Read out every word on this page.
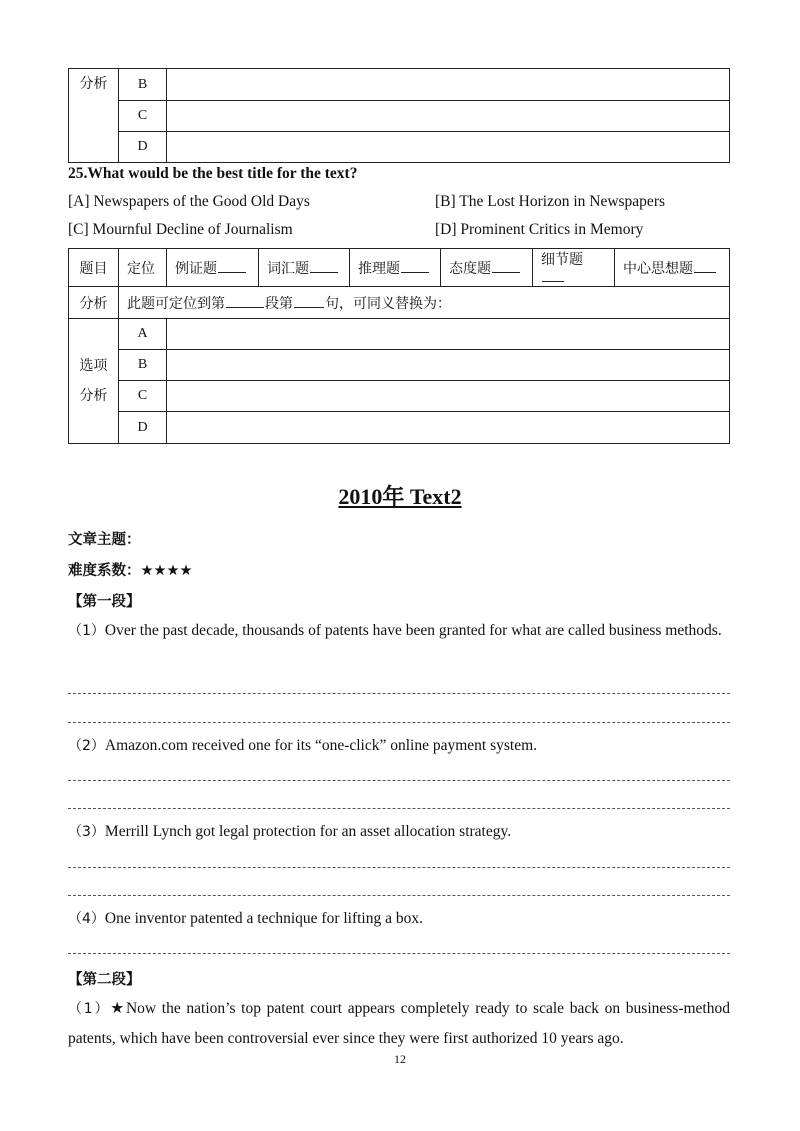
分析	B	
	C	
	D	
25.What would be the best title for the text?
[A] Newspapers of the Good Old Days	[B] The Lost Horizon in Newspapers
[C] Mournful Decline of Journalism	[D] Prominent Critics in Memory
题目	定位	例证题	词汇题	推理题	态度题	细节题	中心思想题
分析	此题可定位到第 段第 句，可同义替换为：						

选项
分析	A						
	B						
	C						
	D						
2010年 Text2
文章主题：
难度系数：★★★★
【第一段】
（1）Over the past decade, thousands of patents have been granted for what are called business methods.
（2）Amazon.com received one for its “one-click” online payment system.
（3）Merrill Lynch got legal protection for an asset allocation strategy.
（4）One inventor patented a technique for lifting a box.
【第二段】
（1）★Now the nation’s top patent court appears completely ready to scale back on business-method patents, which have been controversial ever since they were first authorized 10 years ago.
12
